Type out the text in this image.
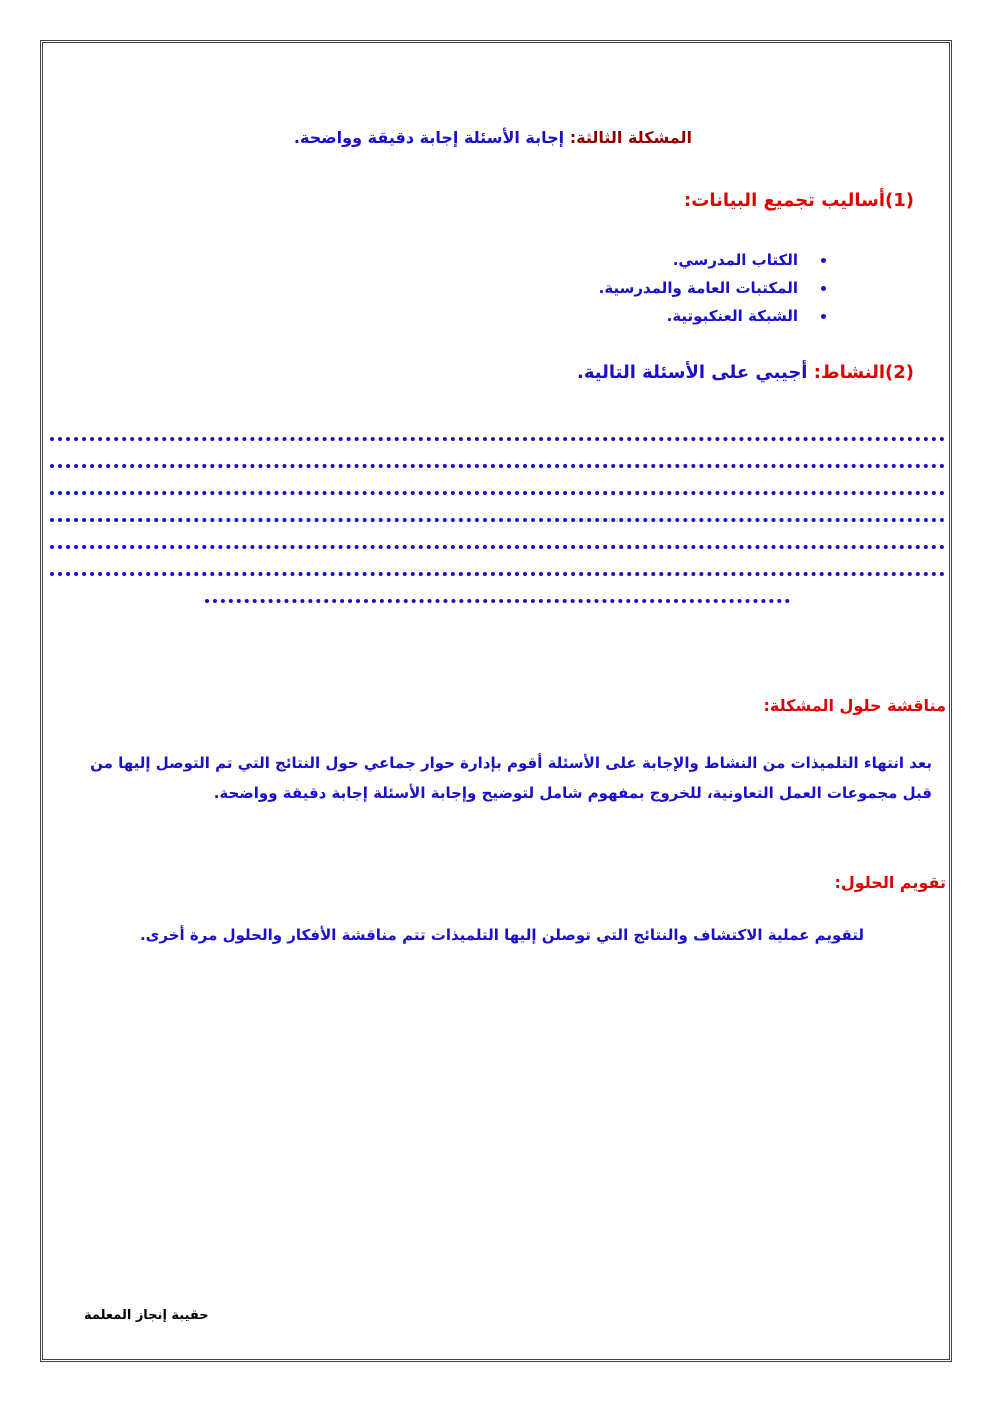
المشكلة الثالثة: إجابة الأسئلة إجابة دقيقة وواضحة.
(1)أساليب تجميع البيانات:
• الكتاب المدرسي.
• المكتبات العامة والمدرسية.
• الشبكة العنكبوتية.
(2)النشاط: أجيبي على الأسئلة التالية.
مناقشة حلول المشكلة:

بعد انتهاء التلميذات من النشاط والإجابة على الأسئلة أقوم بإدارة حوار جماعي حول النتائج التي تم التوصل إليها من قبل مجموعات العمل التعاونية، للخروج بمفهوم شامل لتوضيح وإجابة الأسئلة إجابة دقيقة وواضحة.

تقويم الحلول:
لتقويم عملية الاكتشاف والنتائج التي توصلن إليها التلميذات تتم مناقشة الأفكار والحلول مرة أخرى.
حقيبة إنجاز المعلمة
